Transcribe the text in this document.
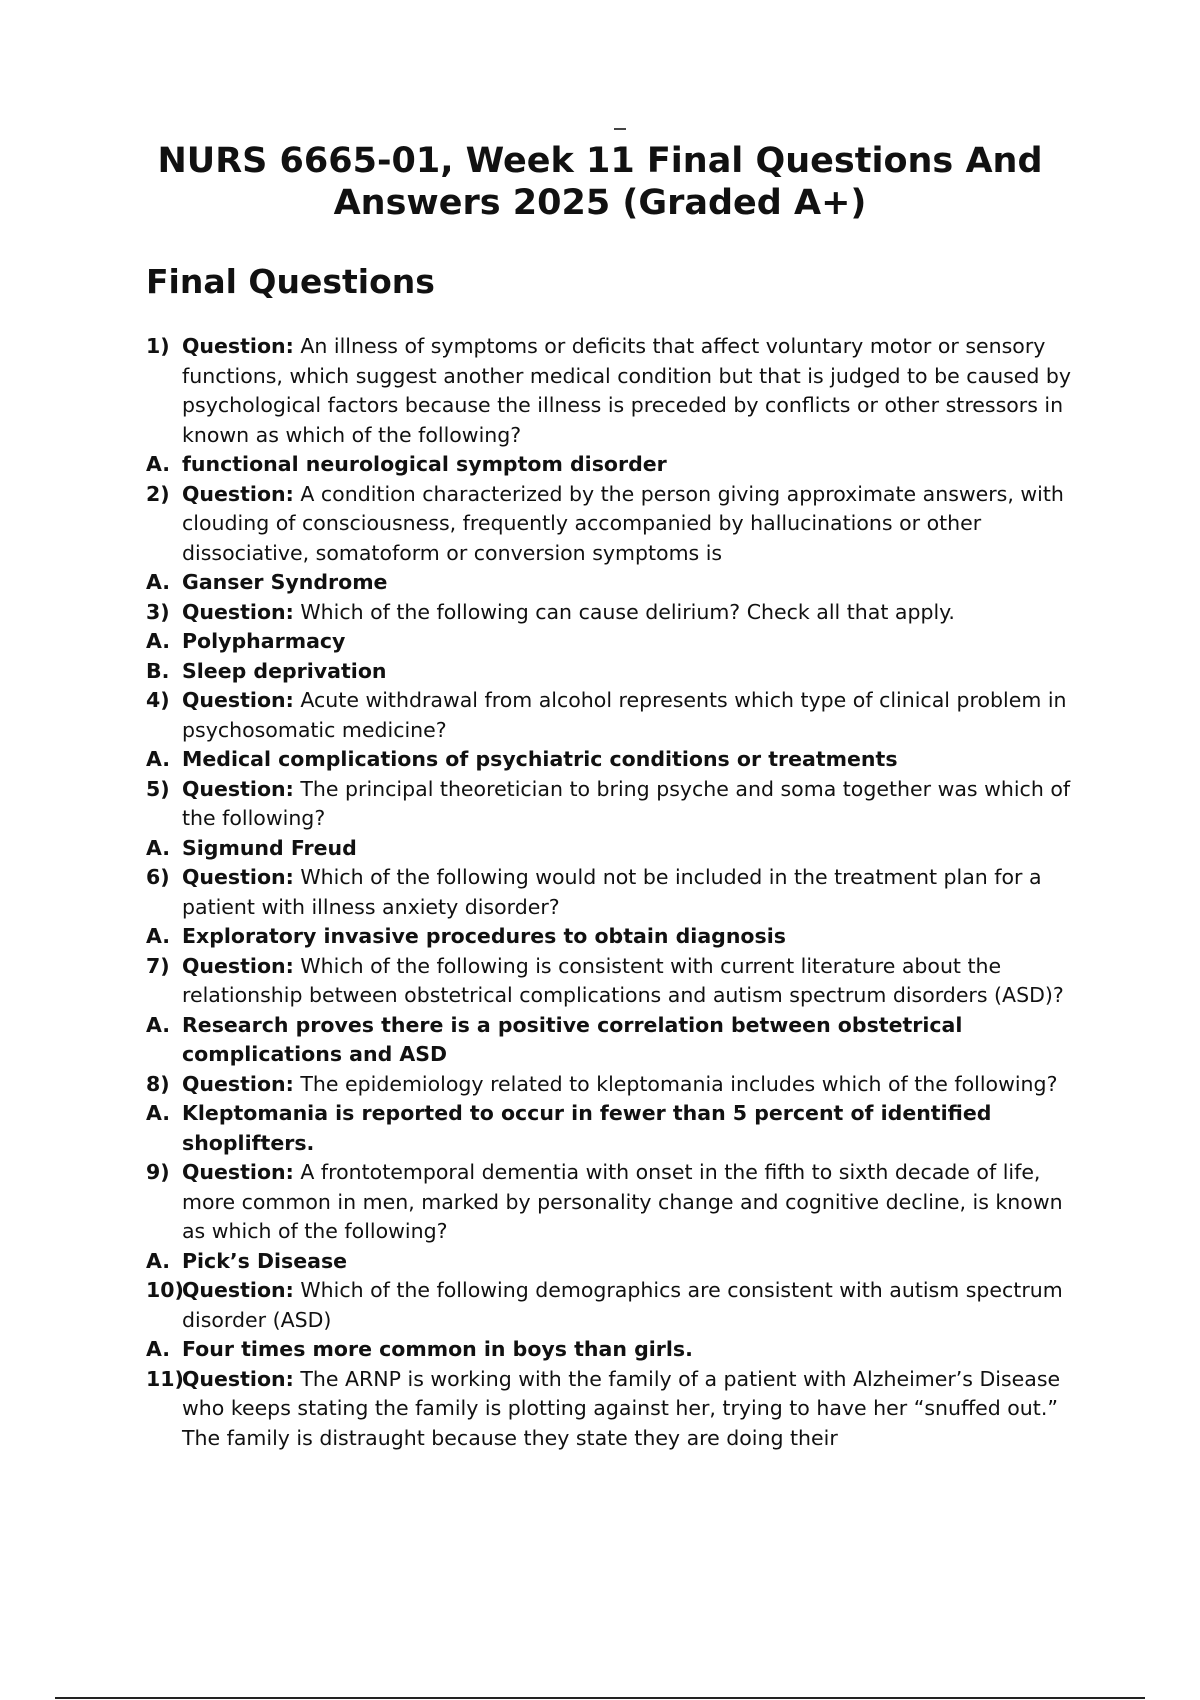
NURS 6665-01, Week 11 Final Questions And Answers 2025 (Graded A+)
Final Questions
1) Question: An illness of symptoms or deficits that affect voluntary motor or sensory functions, which suggest another medical condition but that is judged to be caused by psychological factors because the illness is preceded by conflicts or other stressors in known as which of the following?
A. functional neurological symptom disorder
2) Question: A condition characterized by the person giving approximate answers, with clouding of consciousness, frequently accompanied by hallucinations or other dissociative, somatoform or conversion symptoms is
A. Ganser Syndrome
3) Question: Which of the following can cause delirium? Check all that apply.
A. Polypharmacy
B. Sleep deprivation
4) Question: Acute withdrawal from alcohol represents which type of clinical problem in psychosomatic medicine?
A. Medical complications of psychiatric conditions or treatments
5) Question: The principal theoretician to bring psyche and soma together was which of the following?
A. Sigmund Freud
6) Question: Which of the following would not be included in the treatment plan for a patient with illness anxiety disorder?
A. Exploratory invasive procedures to obtain diagnosis
7) Question: Which of the following is consistent with current literature about the relationship between obstetrical complications and autism spectrum disorders (ASD)?
A. Research proves there is a positive correlation between obstetrical complications and ASD
8) Question: The epidemiology related to kleptomania includes which of the following?
A. Kleptomania is reported to occur in fewer than 5 percent of identified shoplifters.
9) Question: A frontotemporal dementia with onset in the fifth to sixth decade of life, more common in men, marked by personality change and cognitive decline, is known as which of the following?
A. Pick’s Disease
10)
Question: Which of the following demographics are consistent with autism spectrum disorder (ASD)
A. Four times more common in boys than girls.
11)
Question: The ARNP is working with the family of a patient with Alzheimer’s Disease who keeps stating the family is plotting against her, trying to have her “snuffed out.” The family is distraught because they state they are doing their
